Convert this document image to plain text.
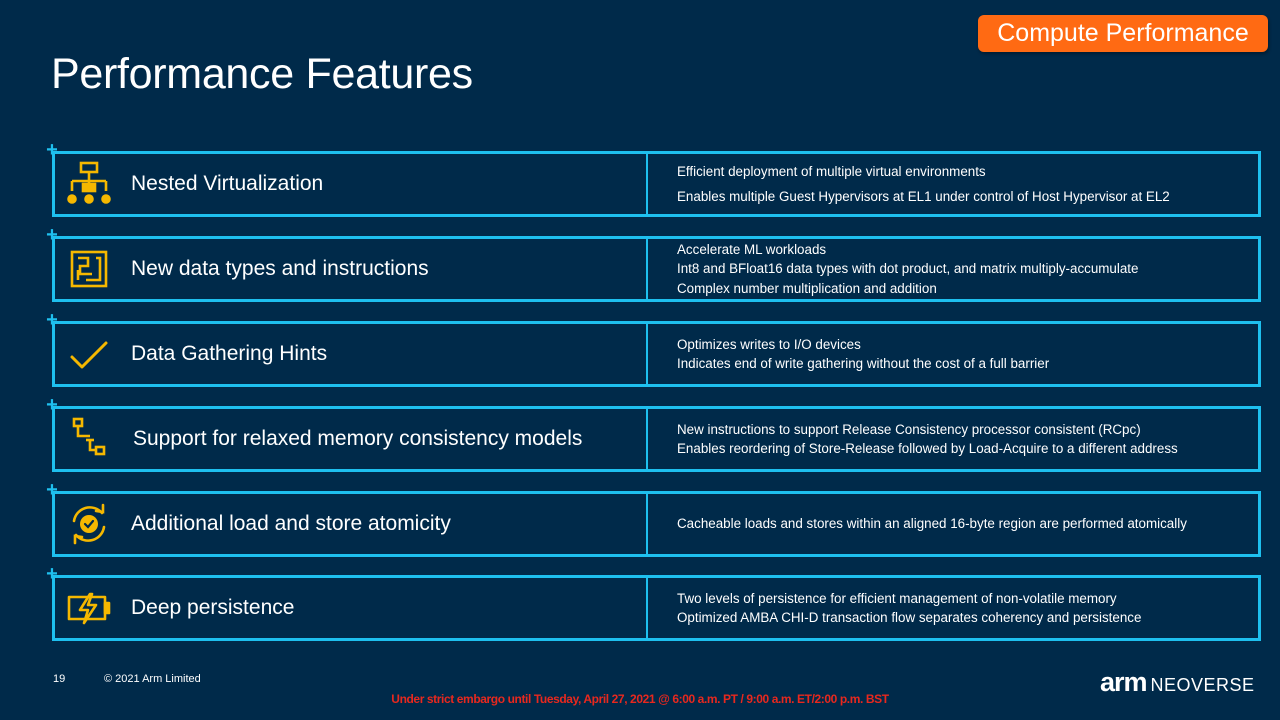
Compute Performance
Performance Features
+
Nested Virtualization
Efficient deployment of multiple virtual environments
Enables multiple Guest Hypervisors at EL1 under control of Host Hypervisor at EL2
+
New data types and instructions
Accelerate ML workloads
Int8 and BFloat16 data types with dot product, and matrix multiply-accumulate
Complex number multiplication and addition
+
Data Gathering Hints	Optimizes writes to I/O devices
Indicates end of write gathering without the cost of a full barrier
+
Support for relaxed memory consistency models	New instructions to support Release Consistency processor consistent (RCpc)
Enables reordering of Store-Release followed by Load-Acquire to a different address
+
Additional load and store atomicity	Cacheable loads and stores within an aligned 16-byte region are performed atomically
+
Deep persistence	Two levels of persistence for efficient management of non-volatile memory
Optimized AMBA CHI-D transaction flow separates coherency and persistence
19	© 2021 Arm Limited
Under strict embargo until Tuesday, April 27, 2021 @ 6:00 a.m. PT / 9:00 a.m. ET/2:00 p.m. BST
arm NEOVERSE
